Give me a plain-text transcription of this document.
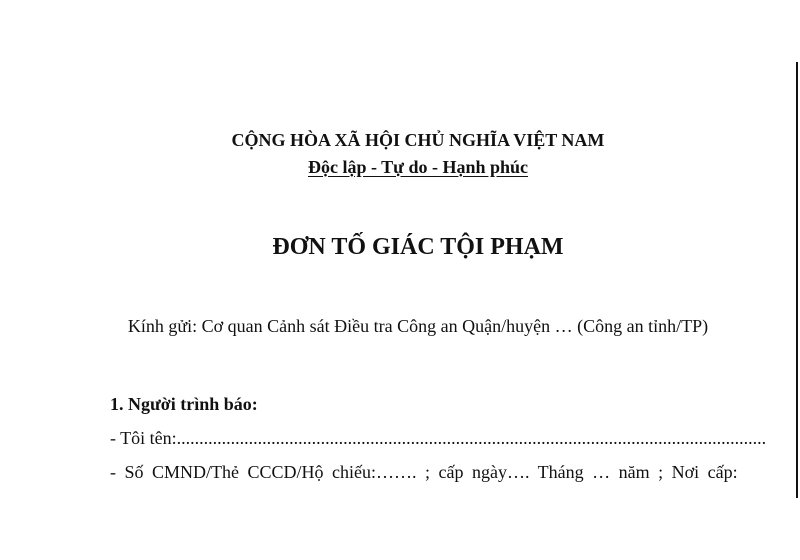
CỘNG HÒA XÃ HỘI CHỦ NGHĨA VIỆT NAM
Độc lập - Tự do - Hạnh phúc
ĐƠN TỐ GIÁC TỘI PHẠM
Kính gửi: Cơ quan Cảnh sát Điều tra Công an Quận/huyện … (Công an tỉnh/TP)
1. Người trình báo:
- Tôi tên:...................................................................................................................................
- Số CMND/Thẻ CCCD/Hộ chiếu:……. ; cấp ngày…. Tháng … năm ; Nơi cấp:
